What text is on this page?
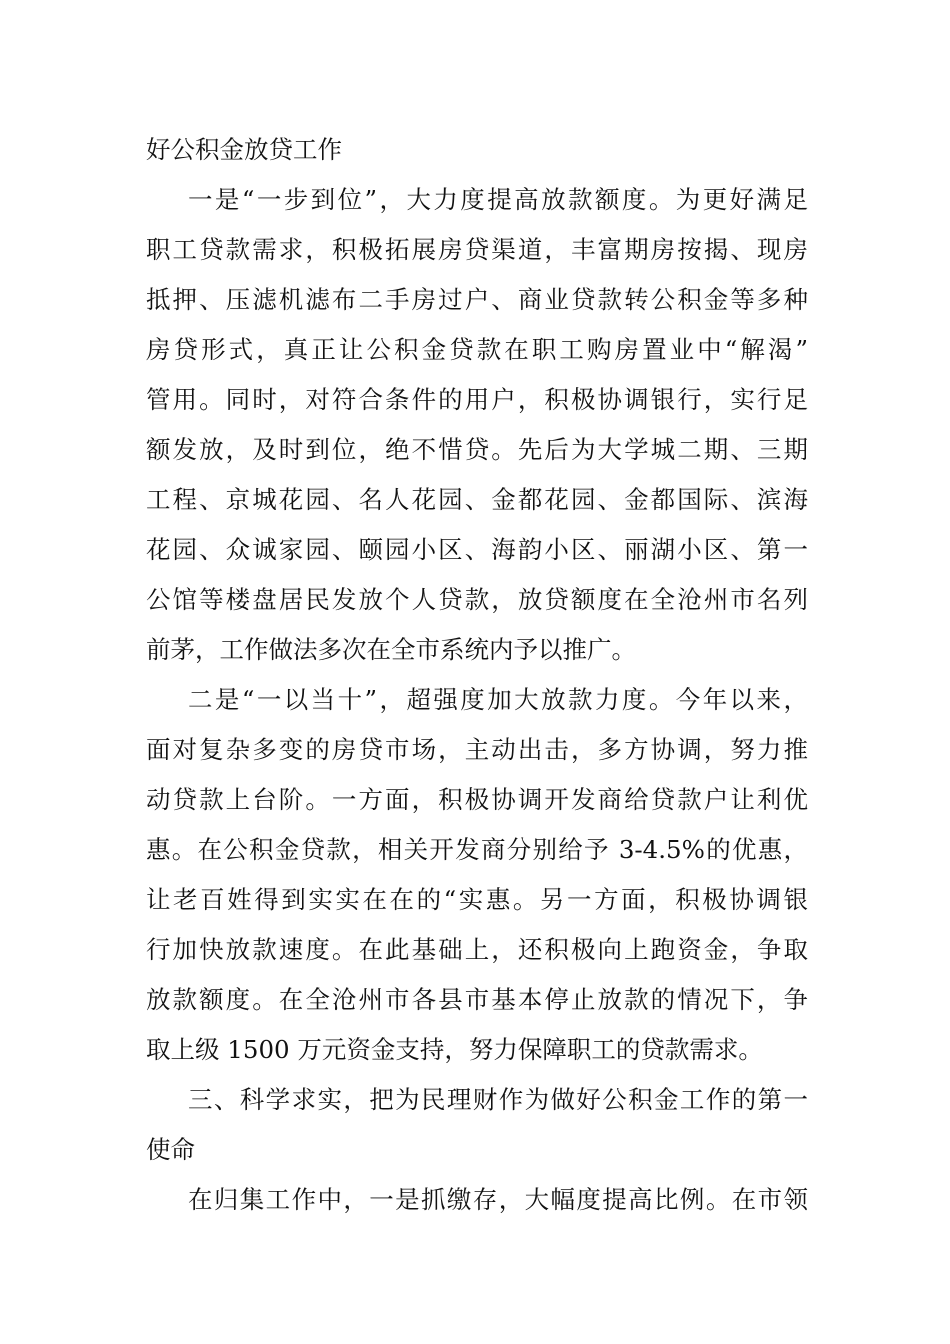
好公积金放贷工作
一是“一步到位”，大力度提高放款额度。为更好满足
职工贷款需求，积极拓展房贷渠道，丰富期房按揭、现房
抵押、压滤机滤布二手房过户、商业贷款转公积金等多种
房贷形式，真正让公积金贷款在职工购房置业中“解渴”
管用。同时，对符合条件的用户，积极协调银行，实行足
额发放，及时到位，绝不惜贷。先后为大学城二期、三期
工程、京城花园、名人花园、金都花园、金都国际、滨海
花园、众诚家园、颐园小区、海韵小区、丽湖小区、第一
公馆等楼盘居民发放个人贷款，放贷额度在全沧州市名列
前茅，工作做法多次在全市系统内予以推广。
二是“一以当十”，超强度加大放款力度。今年以来，
面对复杂多变的房贷市场，主动出击，多方协调，努力推
动贷款上台阶。一方面，积极协调开发商给贷款户让利优
惠。在公积金贷款，相关开发商分别给予 3-4.5%的优惠，
让老百姓得到实实在在的“实惠。另一方面，积极协调银
行加快放款速度。在此基础上，还积极向上跑资金，争取
放款额度。在全沧州市各县市基本停止放款的情况下，争
取上级 1500 万元资金支持，努力保障职工的贷款需求。
三、科学求实，把为民理财作为做好公积金工作的第一
使命
在归集工作中，一是抓缴存，大幅度提高比例。在市领
